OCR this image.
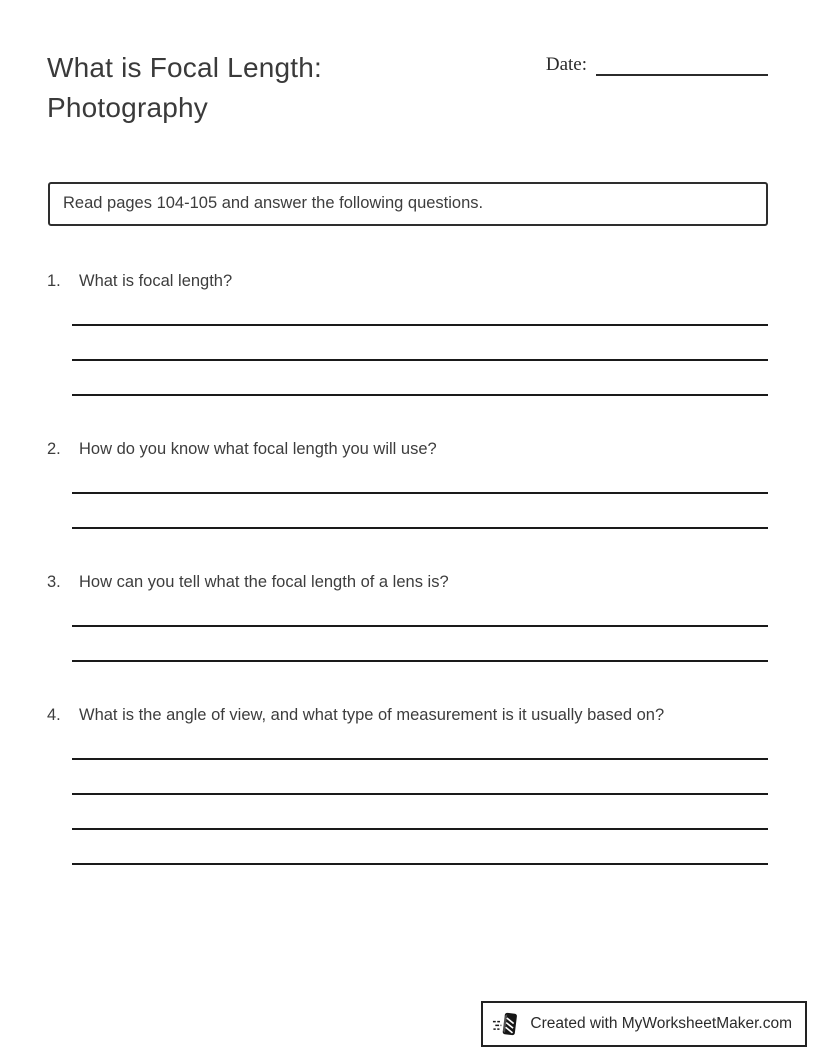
What is Focal Length:
Photography
Date:
Read pages 104-105 and answer the following questions.
1.	What is focal length?
2.	How do you know what focal length you will use?
3.	How can you tell what the focal length of a lens is?
4.	What is the angle of view, and what type of measurement is it usually based on?
Created with MyWorksheetMaker.com
